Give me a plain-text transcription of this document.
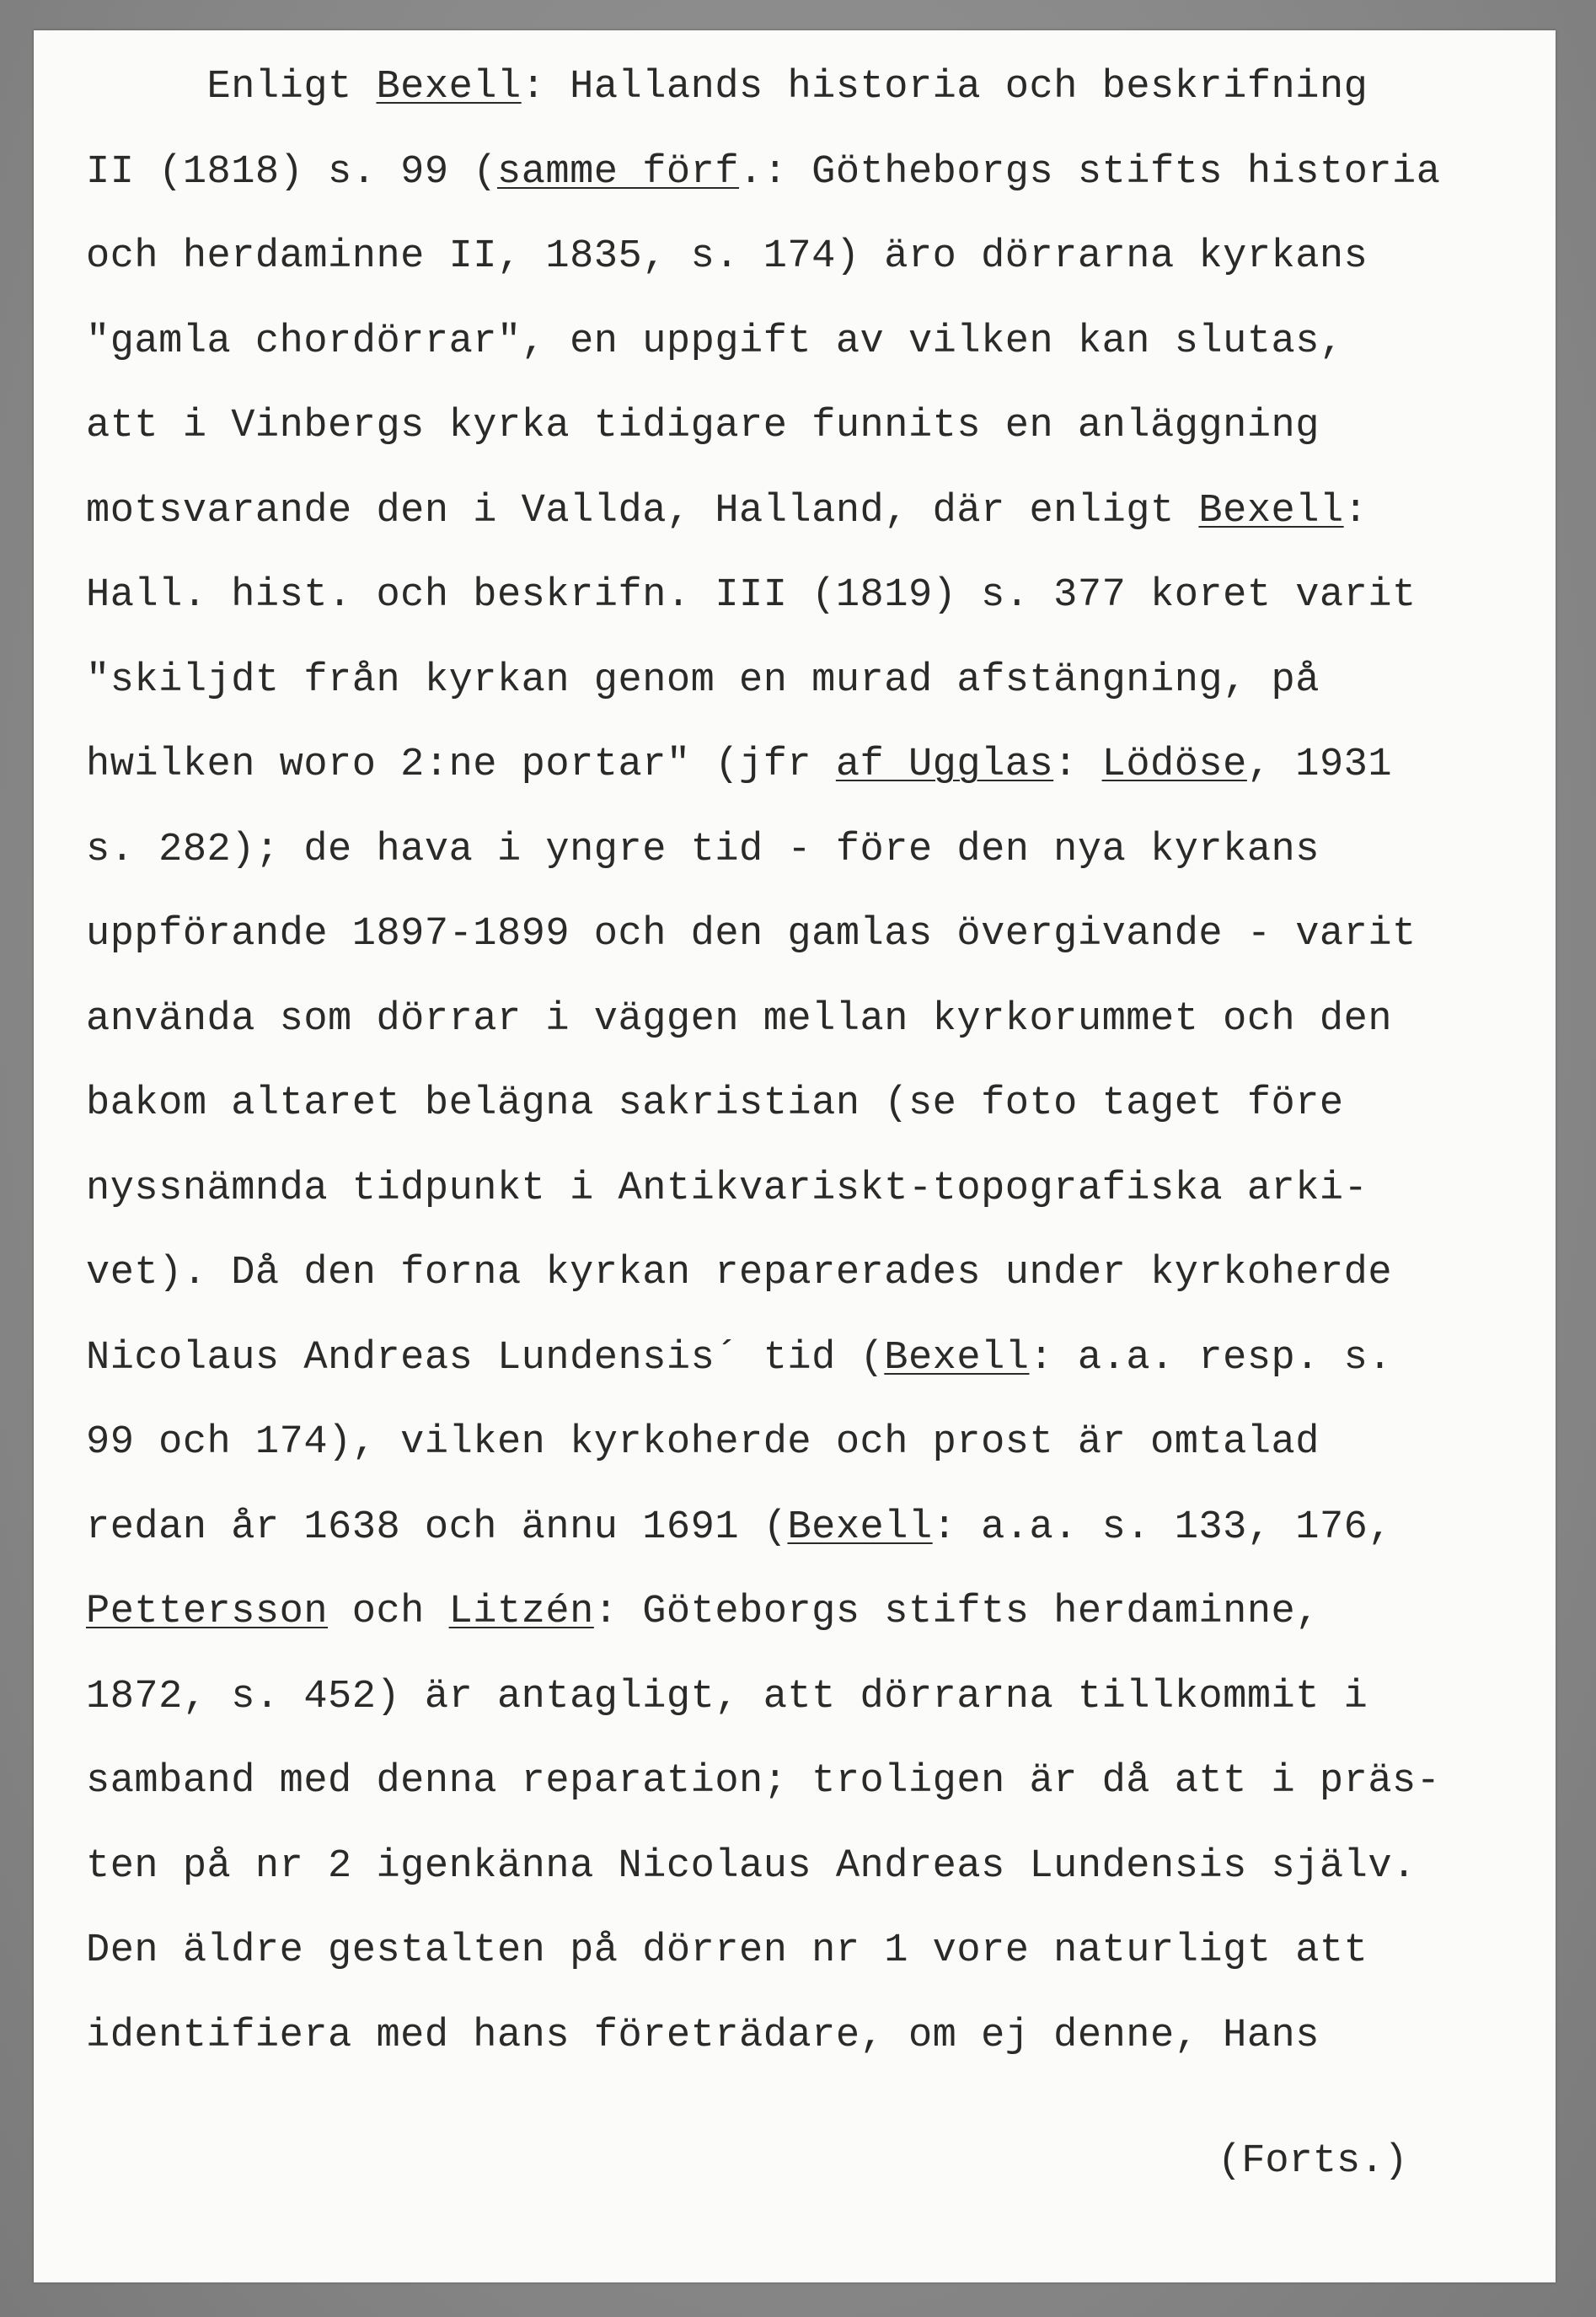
Enligt Bexell: Hallands historia och beskrifning
II (1818) s. 99 (samme förf.: Götheborgs stifts historia
och herdaminne II, 1835, s. 174) äro dörrarna kyrkans
"gamla chordörrar", en uppgift av vilken kan slutas,
att i Vinbergs kyrka tidigare funnits en anläggning
motsvarande den i Vallda, Halland, där enligt Bexell:
Hall. hist. och beskrifn. III (1819) s. 377 koret varit
"skiljdt från kyrkan genom en murad afstängning, på
hwilken woro 2:ne portar" (jfr af Ugglas: Lödöse, 1931
s. 282); de hava i yngre tid - före den nya kyrkans
uppförande 1897-1899 och den gamlas övergivande - varit
använda som dörrar i väggen mellan kyrkorummet och den
bakom altaret belägna sakristian (se foto taget före
nyssnämnda tidpunkt i Antikvariskt-topografiska arki-
vet). Då den forna kyrkan reparerades under kyrkoherde
Nicolaus Andreas Lundensis´ tid (Bexell: a.a. resp. s.
99 och 174), vilken kyrkoherde och prost är omtalad
redan år 1638 och ännu 1691 (Bexell: a.a. s. 133, 176,
Pettersson och Litzén: Göteborgs stifts herdaminne,
1872, s. 452) är antagligt, att dörrarna tillkommit i
samband med denna reparation; troligen är då att i präs-
ten på nr 2 igenkänna Nicolaus Andreas Lundensis själv.
Den äldre gestalten på dörren nr 1 vore naturligt att
identifiera med hans företrädare, om ej denne, Hans
(Forts.)
